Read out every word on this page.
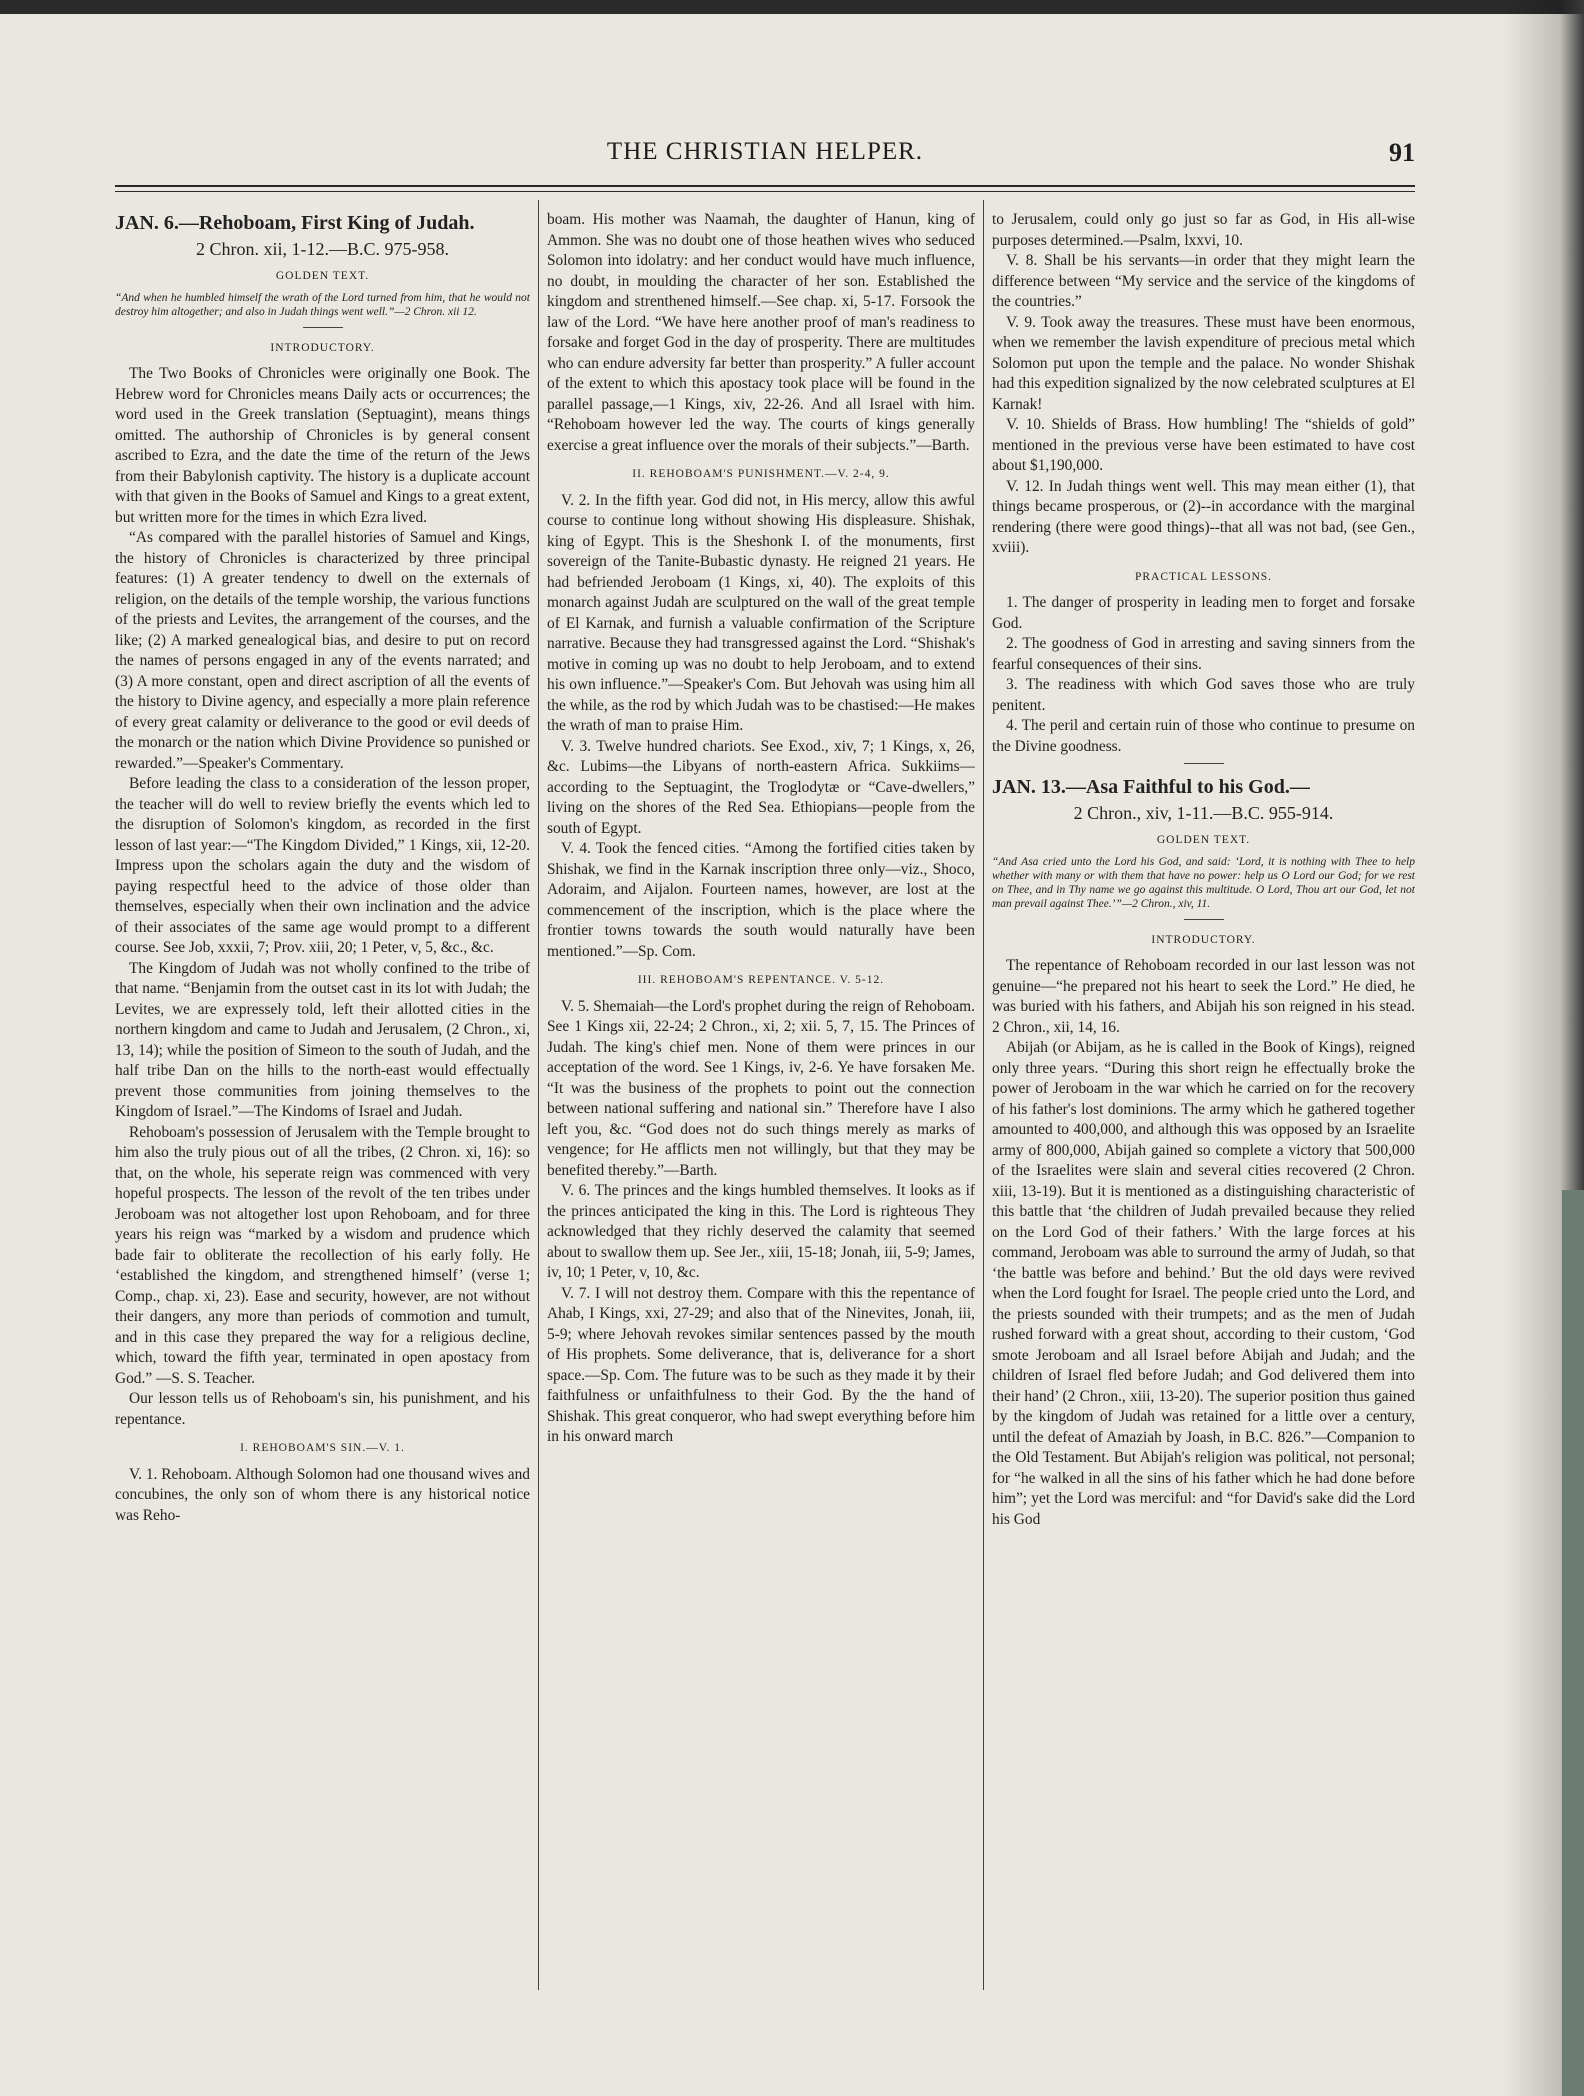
THE CHRISTIAN HELPER.	91

JAN. 6.—Rehoboam, First King of Judah.

2 Chron. xii, 1-12.—B.C. 975-958.

GOLDEN TEXT.

“And when he humbled himself the wrath of the Lord turned from him, that he would not destroy him altogether; and also in Judah things went well.”—2 Chron. xii 12.

INTRODUCTORY.

The Two Books of Chronicles were originally one Book. The Hebrew word for Chronicles means Daily acts or occurrences; the word used in the Greek translation (Septuagint), means things omitted. The authorship of Chronicles is by general consent ascribed to Ezra, and the date the time of the return of the Jews from their Babylonish captivity. The history is a duplicate account with that given in the Books of Samuel and Kings to a great extent, but written more for the times in which Ezra lived.

“As compared with the parallel histories of Samuel and Kings, the history of Chronicles is characterized by three principal features: (1) A greater tendency to dwell on the externals of religion, on the details of the temple worship, the various functions of the priests and Levites, the arrangement of the courses, and the like; (2) A marked genealogical bias, and desire to put on record the names of persons engaged in any of the events narrated; and (3) A more constant, open and direct ascription of all the events of the history to Divine agency, and especially a more plain reference of every great calamity or deliverance to the good or evil deeds of the monarch or the nation which Divine Providence so punished or rewarded.”—Speaker's Commentary.

Before leading the class to a consideration of the lesson proper, the teacher will do well to review briefly the events which led to the disruption of Solomon's kingdom, as recorded in the first lesson of last year:—“The Kingdom Divided,” 1 Kings, xii, 12-20. Impress upon the scholars again the duty and the wisdom of paying respectful heed to the advice of those older than themselves, especially when their own inclination and the advice of their associates of the same age would prompt to a different course. See Job, xxxii, 7; Prov. xiii, 20; 1 Peter, v, 5, &c., &c.

The Kingdom of Judah was not wholly confined to the tribe of that name. “Benjamin from the outset cast in its lot with Judah; the Levites, we are expressely told, left their allotted cities in the northern kingdom and came to Judah and Jerusalem, (2 Chron., xi, 13, 14); while the position of Simeon to the south of Judah, and the half tribe Dan on the hills to the north-east would effectually prevent those communities from joining themselves to the Kingdom of Israel.”—The Kindoms of Israel and Judah.

Rehoboam's possession of Jerusalem with the Temple brought to him also the truly pious out of all the tribes, (2 Chron. xi, 16): so that, on the whole, his seperate reign was commenced with very hopeful prospects. The lesson of the revolt of the ten tribes under Jeroboam was not altogether lost upon Rehoboam, and for three years his reign was “marked by a wisdom and prudence which bade fair to obliterate the recollection of his early folly. He ‘established the kingdom, and strengthened himself’ (verse 1; Comp., chap. xi, 23). Ease and security, however, are not without their dangers, any more than periods of commotion and tumult, and in this case they prepared the way for a religious decline, which, toward the fifth year, terminated in open apostacy from God.” —S. S. Teacher.

Our lesson tells us of Rehoboam's sin, his punishment, and his repentance.

I. REHOBOAM'S SIN.—V. 1.

V. 1. Rehoboam. Although Solomon had one thousand wives and concubines, the only son of whom there is any historical notice was Reho-

boam. His mother was Naamah, the daughter of Hanun, king of Ammon. She was no doubt one of those heathen wives who seduced Solomon into idolatry: and her conduct would have much influence, no doubt, in moulding the character of her son. Established the kingdom and strenthened himself.—See chap. xi, 5-17. Forsook the law of the Lord. “We have here another proof of man's readiness to forsake and forget God in the day of prosperity. There are multitudes who can endure adversity far better than prosperity.” A fuller account of the extent to which this apostacy took place will be found in the parallel passage,—1 Kings, xiv, 22-26. And all Israel with him. “Rehoboam however led the way. The courts of kings generally exercise a great influence over the morals of their subjects.”—Barth.

II. REHOBOAM'S PUNISHMENT.—V. 2-4, 9.

V. 2. In the fifth year. God did not, in His mercy, allow this awful course to continue long without showing His displeasure. Shishak, king of Egypt. This is the Sheshonk I. of the monuments, first sovereign of the Tanite-Bubastic dynasty. He reigned 21 years. He had befriended Jeroboam (1 Kings, xi, 40). The exploits of this monarch against Judah are sculptured on the wall of the great temple of El Karnak, and furnish a valuable confirmation of the Scripture narrative. Because they had transgressed against the Lord. “Shishak's motive in coming up was no doubt to help Jeroboam, and to extend his own influence.”—Speaker's Com. But Jehovah was using him all the while, as the rod by which Judah was to be chastised:—He makes the wrath of man to praise Him.

V. 3. Twelve hundred chariots. See Exod., xiv, 7; 1 Kings, x, 26, &c. Lubims—the Libyans of north-eastern Africa. Sukkiims—according to the Septuagint, the Troglodytæ or “Cave-dwellers,” living on the shores of the Red Sea. Ethiopians—people from the south of Egypt.

V. 4. Took the fenced cities. “Among the fortified cities taken by Shishak, we find in the Karnak inscription three only—viz., Shoco, Adoraim, and Aijalon. Fourteen names, however, are lost at the commencement of the inscription, which is the place where the frontier towns towards the south would naturally have been mentioned.”—Sp. Com.

III. REHOBOAM'S REPENTANCE. V. 5-12.

V. 5. Shemaiah—the Lord's prophet during the reign of Rehoboam. See 1 Kings xii, 22-24; 2 Chron., xi, 2; xii. 5, 7, 15. The Princes of Judah. The king's chief men. None of them were princes in our acceptation of the word. See 1 Kings, iv, 2-6. Ye have forsaken Me. “It was the business of the prophets to point out the connection between national suffering and national sin.” Therefore have I also left you, &c. “God does not do such things merely as marks of vengence; for He afflicts men not willingly, but that they may be benefited thereby.”—Barth.

V. 6. The princes and the kings humbled themselves. It looks as if the princes anticipated the king in this. The Lord is righteous They acknowledged that they richly deserved the calamity that seemed about to swallow them up. See Jer., xiii, 15-18; Jonah, iii, 5-9; James, iv, 10; 1 Peter, v, 10, &c.

V. 7. I will not destroy them. Compare with this the repentance of Ahab, I Kings, xxi, 27-29; and also that of the Ninevites, Jonah, iii, 5-9; where Jehovah revokes similar sentences passed by the mouth of His prophets. Some deliverance, that is, deliverance for a short space.—Sp. Com. The future was to be such as they made it by their faithfulness or unfaithfulness to their God. By the the hand of Shishak. This great conqueror, who had swept everything before him in his onward march

to Jerusalem, could only go just so far as God, in His all-wise purposes determined.—Psalm, lxxvi, 10.

V. 8. Shall be his servants—in order that they might learn the difference between “My service and the service of the kingdoms of the countries.”

V. 9. Took away the treasures. These must have been enormous, when we remember the lavish expenditure of precious metal which Solomon put upon the temple and the palace. No wonder Shishak had this expedition signalized by the now celebrated sculptures at El Karnak!

V. 10. Shields of Brass. How humbling! The “shields of gold” mentioned in the previous verse have been estimated to have cost about $1,190,000.

V. 12. In Judah things went well. This may mean either (1), that things became prosperous, or (2)--in accordance with the marginal rendering (there were good things)--that all was not bad, (see Gen., xviii).

PRACTICAL LESSONS.

1. The danger of prosperity in leading men to forget and forsake God.

2. The goodness of God in arresting and saving sinners from the fearful consequences of their sins.

3. The readiness with which God saves those who are truly penitent.

4. The peril and certain ruin of those who continue to presume on the Divine goodness.

JAN. 13.—Asa Faithful to his God.—

2 Chron., xiv, 1-11.—B.C. 955-914.

GOLDEN TEXT.

“And Asa cried unto the Lord his God, and said: ‘Lord, it is nothing with Thee to help whether with many or with them that have no power: help us O Lord our God; for we rest on Thee, and in Thy name we go against this multitude. O Lord, Thou art our God, let not man prevail against Thee.’”—2 Chron., xiv, 11.

INTRODUCTORY.

The repentance of Rehoboam recorded in our last lesson was not genuine—“he prepared not his heart to seek the Lord.” He died, he was buried with his fathers, and Abijah his son reigned in his stead. 2 Chron., xii, 14, 16.

Abijah (or Abijam, as he is called in the Book of Kings), reigned only three years. “During this short reign he effectually broke the power of Jeroboam in the war which he carried on for the recovery of his father's lost dominions. The army which he gathered together amounted to 400,000, and although this was opposed by an Israelite army of 800,000, Abijah gained so complete a victory that 500,000 of the Israelites were slain and several cities recovered (2 Chron. xiii, 13-19). But it is mentioned as a distinguishing characteristic of this battle that ‘the children of Judah prevailed because they relied on the Lord God of their fathers.’ With the large forces at his command, Jeroboam was able to surround the army of Judah, so that ‘the battle was before and behind.’ But the old days were revived when the Lord fought for Israel. The people cried unto the Lord, and the priests sounded with their trumpets; and as the men of Judah rushed forward with a great shout, according to their custom, ‘God smote Jeroboam and all Israel before Abijah and Judah; and the children of Israel fled before Judah; and God delivered them into their hand’ (2 Chron., xiii, 13-20). The superior position thus gained by the kingdom of Judah was retained for a little over a century, until the defeat of Amaziah by Joash, in B.C. 826.”—Companion to the Old Testament. But Abijah's religion was political, not personal; for “he walked in all the sins of his father which he had done before him”; yet the Lord was merciful: and “for David's sake did the Lord his God
